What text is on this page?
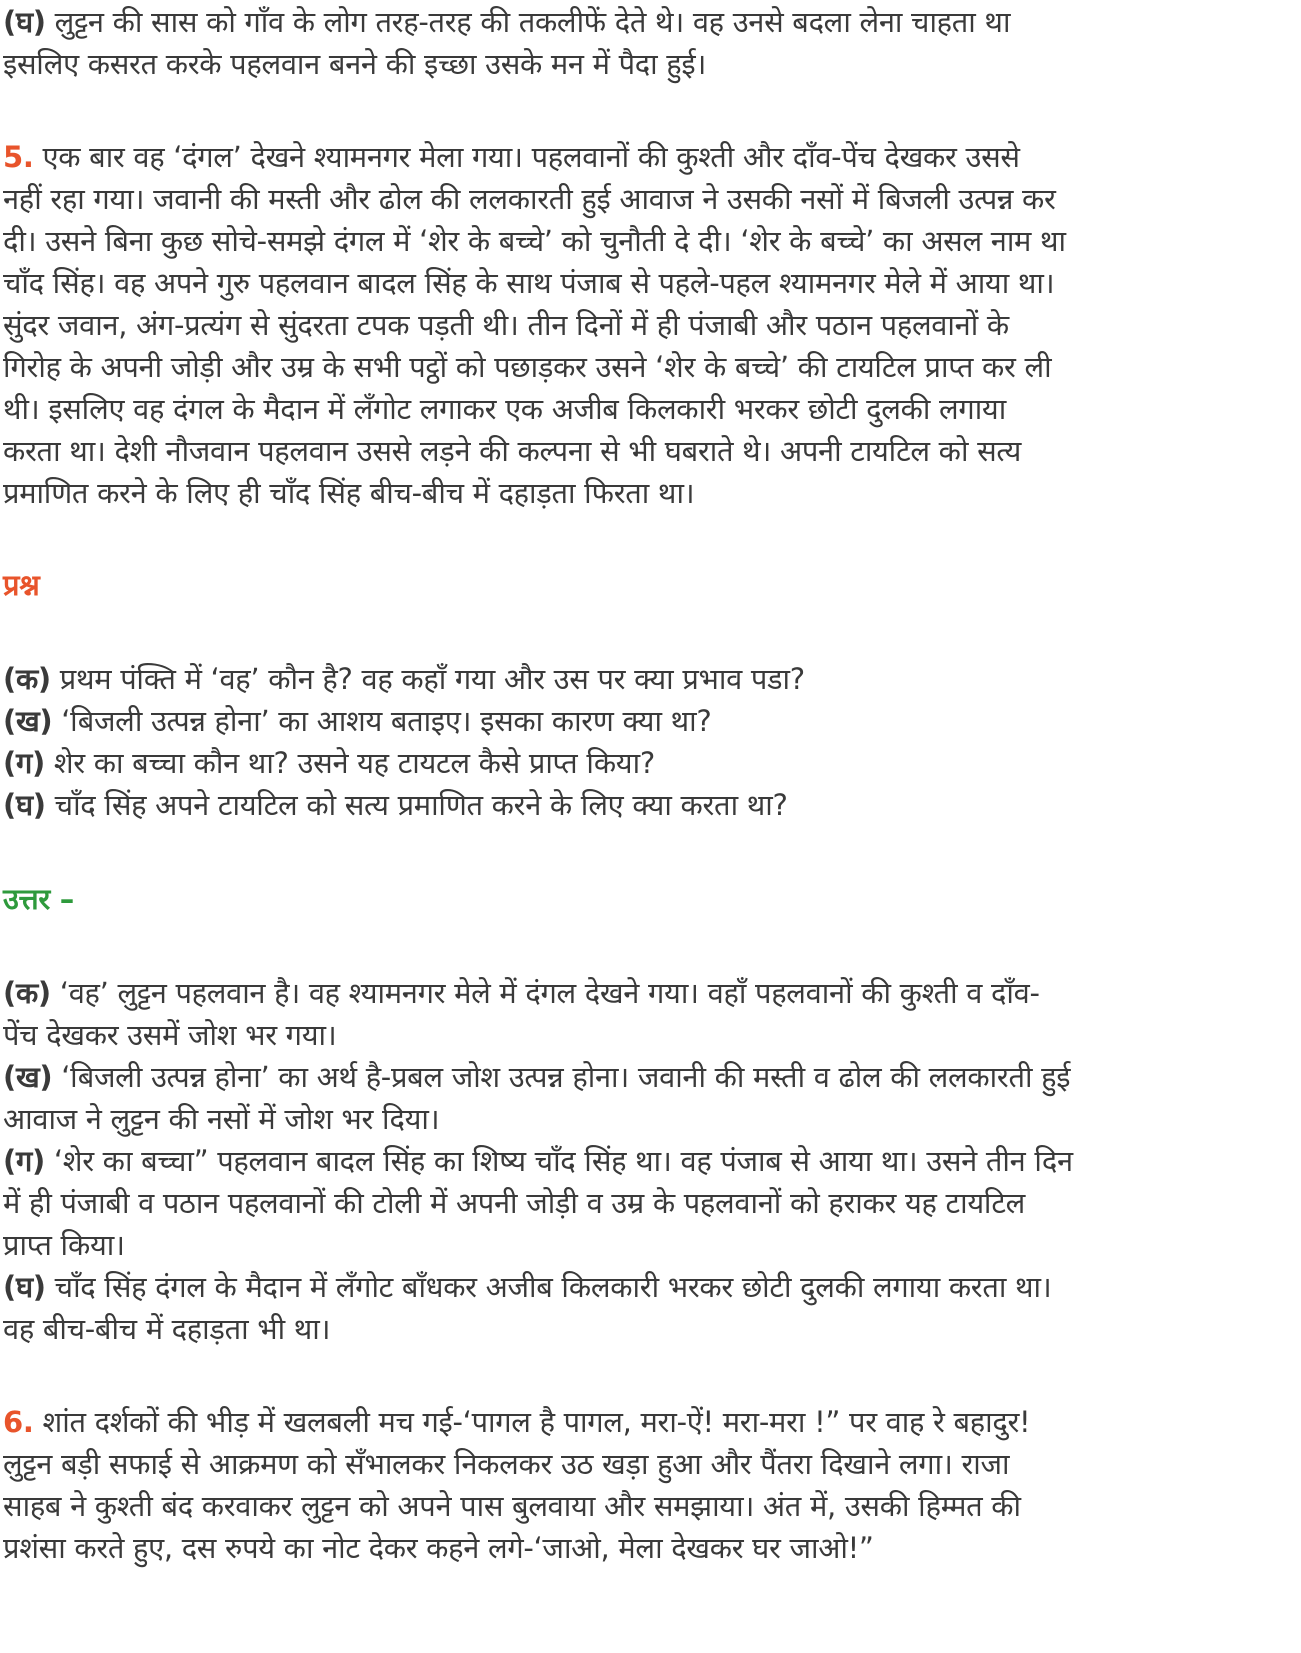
(घ) लुट्टन की सास को गाँव के लोग तरह-तरह की तकलीफें देते थे। वह उनसे बदला लेना चाहता था
इसलिए कसरत करके पहलवान बनने की इच्छा उसके मन में पैदा हुई।
5. एक बार वह ‘दंगल’ देखने श्यामनगर मेला गया। पहलवानों की कुश्ती और दाँव-पेंच देखकर उससे
नहीं रहा गया। जवानी की मस्ती और ढोल की ललकारती हुई आवाज ने उसकी नसों में बिजली उत्पन्न कर
दी। उसने बिना कुछ सोचे-समझे दंगल में ‘शेर के बच्चे’ को चुनौती दे दी। ‘शेर के बच्चे’ का असल नाम था
चाँद सिंह। वह अपने गुरु पहलवान बादल सिंह के साथ पंजाब से पहले-पहल श्यामनगर मेले में आया था।
सुंदर जवान, अंग-प्रत्यंग से सुंदरता टपक पड़ती थी। तीन दिनों में ही पंजाबी और पठान पहलवानों के
गिरोह के अपनी जोड़ी और उम्र के सभी पट्ठों को पछाड़कर उसने ‘शेर के बच्चे’ की टायटिल प्राप्त कर ली
थी। इसलिए वह दंगल के मैदान में लँगोट लगाकर एक अजीब किलकारी भरकर छोटी दुलकी लगाया
करता था। देशी नौजवान पहलवान उससे लड़ने की कल्पना से भी घबराते थे। अपनी टायटिल को सत्य
प्रमाणित करने के लिए ही चाँद सिंह बीच-बीच में दहाड़ता फिरता था।
प्रश्न
(क) प्रथम पंक्ति में ‘वह’ कौन है? वह कहाँ गया और उस पर क्या प्रभाव पडा?
(ख) ‘बिजली उत्पन्न होना’ का आशय बताइए। इसका कारण क्या था?
(ग) शेर का बच्चा कौन था? उसने यह टायटल कैसे प्राप्त किया?
(घ) चाँद सिंह अपने टायटिल को सत्य प्रमाणित करने के लिए क्या करता था?
उत्तर –
(क) ‘वह’ लुट्टन पहलवान है। वह श्यामनगर मेले में दंगल देखने गया। वहाँ पहलवानों की कुश्ती व दाँव-
पेंच देखकर उसमें जोश भर गया।
(ख) ‘बिजली उत्पन्न होना’ का अर्थ है-प्रबल जोश उत्पन्न होना। जवानी की मस्ती व ढोल की ललकारती हुई
आवाज ने लुट्टन की नसों में जोश भर दिया।
(ग) ‘शेर का बच्चा” पहलवान बादल सिंह का शिष्य चाँद सिंह था। वह पंजाब से आया था। उसने तीन दिन
में ही पंजाबी व पठान पहलवानों की टोली में अपनी जोड़ी व उम्र के पहलवानों को हराकर यह टायटिल
प्राप्त किया।
(घ) चाँद सिंह दंगल के मैदान में लँगोट बाँधकर अजीब किलकारी भरकर छोटी दुलकी लगाया करता था।
वह बीच-बीच में दहाड़ता भी था।
6. शांत दर्शकों की भीड़ में खलबली मच गई-‘पागल है पागल, मरा-ऐं! मरा-मरा !” पर वाह रे बहादुर!
लुट्टन बड़ी सफाई से आक्रमण को सँभालकर निकलकर उठ खड़ा हुआ और पैंतरा दिखाने लगा। राजा
साहब ने कुश्ती बंद करवाकर लुट्टन को अपने पास बुलवाया और समझाया। अंत में, उसकी हिम्मत की
प्रशंसा करते हुए, दस रुपये का नोट देकर कहने लगे-‘जाओ, मेला देखकर घर जाओ!”
